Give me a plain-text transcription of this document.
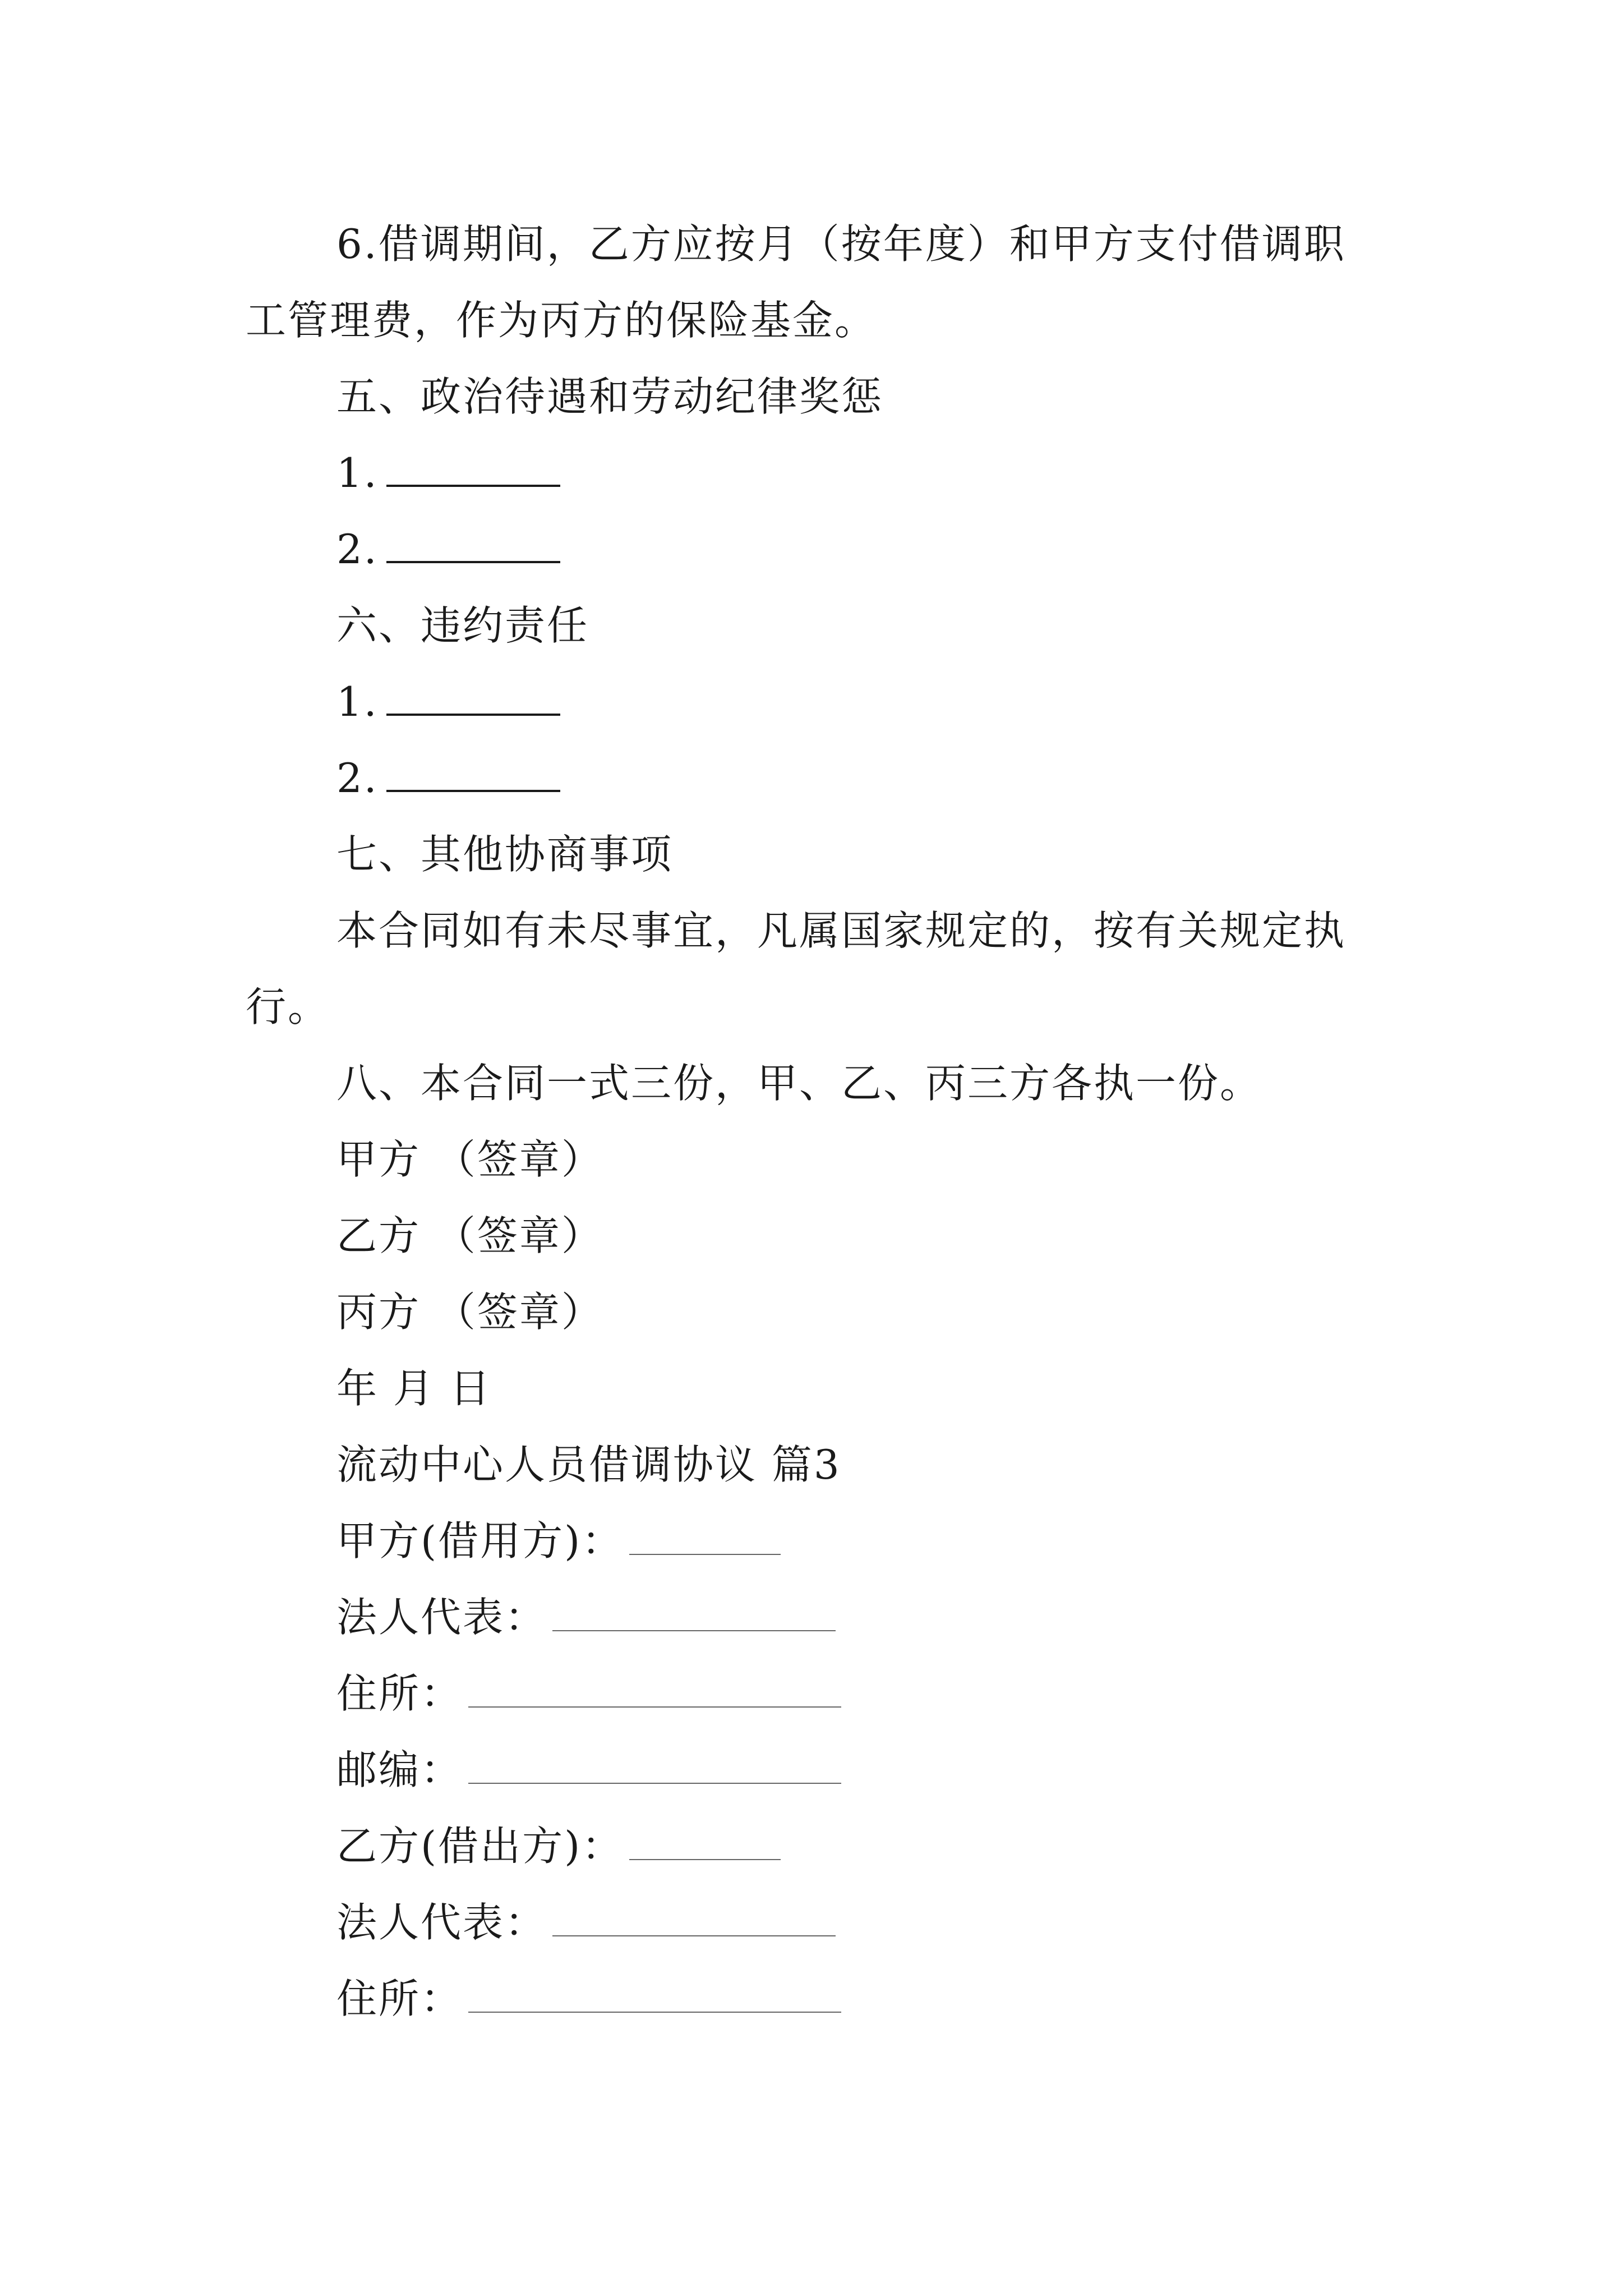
6.借调期间，乙方应按月（按年度）和甲方支付借调职
工管理费，作为丙方的保险基金。
五、政治待遇和劳动纪律奖惩
1.
2.
六、违约责任
1.
2.
七、其他协商事项
本合同如有未尽事宜，凡属国家规定的，按有关规定执
行。
八、本合同一式三份，甲、乙、丙三方各执一份。
甲方 （签章）
乙方 （签章）
丙方 （签章）
年 月 日
流动中心人员借调协议 篇3
甲方(借用方)：
法人代表：
住所：
邮编：
乙方(借出方)：
法人代表：
住所：
